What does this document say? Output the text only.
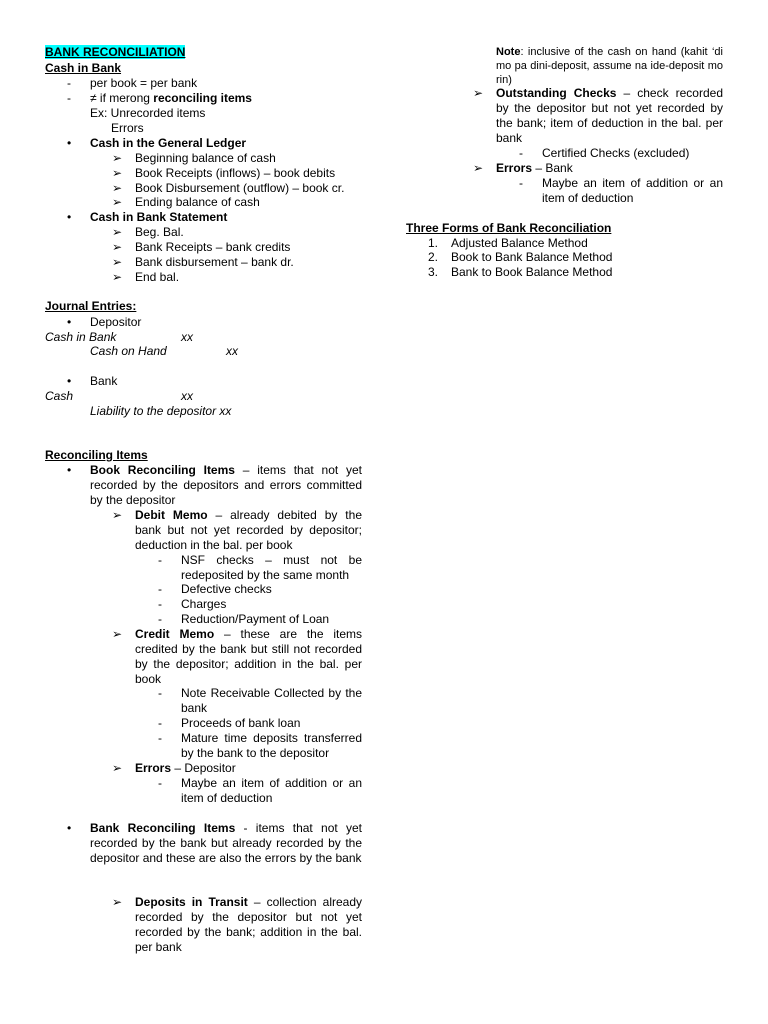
BANK RECONCILIATION
Cash in Bank
- per book = per bank
- ≠ if merong reconciling items
Ex: Unrecorded items
Errors
• Cash in the General Ledger
➢ Beginning balance of cash
➢ Book Receipts (inflows) – book debits
➢ Book Disbursement (outflow) – book cr.
➢ Ending balance of cash
• Cash in Bank Statement
➢ Beg. Bal.
➢ Bank Receipts – bank credits
➢ Bank disbursement – bank dr.
➢ End bal.
Journal Entries:
• Depositor
Cash in Bank	xx
Cash on Hand	xx
• Bank
Cash	xx
Liability to the depositor xx
Reconciling Items
• Book Reconciling Items – items that not yet recorded by the depositors and errors committed by the depositor
➢ Debit Memo – already debited by the bank but not yet recorded by depositor; deduction in the bal. per book
- NSF checks – must not be redeposited by the same month
- Defective checks
- Charges
- Reduction/Payment of Loan
➢ Credit Memo – these are the items credited by the bank but still not recorded by the depositor; addition in the bal. per book
- Note Receivable Collected by the bank
- Proceeds of bank loan
- Mature time deposits transferred by the bank to the depositor
➢ Errors – Depositor
- Maybe an item of addition or an item of deduction
• Bank Reconciling Items - items that not yet recorded by the bank but already recorded by the depositor and these are also the errors by the bank
➢ Deposits in Transit – collection already recorded by the depositor but not yet recorded by the bank; addition in the bal. per bank
Note: inclusive of the cash on hand (kahit ‘di mo pa dini-deposit, assume na ide-deposit mo rin)
➢ Outstanding Checks – check recorded by the depositor but not yet recorded by the bank; item of deduction in the bal. per bank
- Certified Checks (excluded)
➢ Errors – Bank
- Maybe an item of addition or an item of deduction
Three Forms of Bank Reconciliation
1. Adjusted Balance Method
2. Book to Bank Balance Method
3. Bank to Book Balance Method
